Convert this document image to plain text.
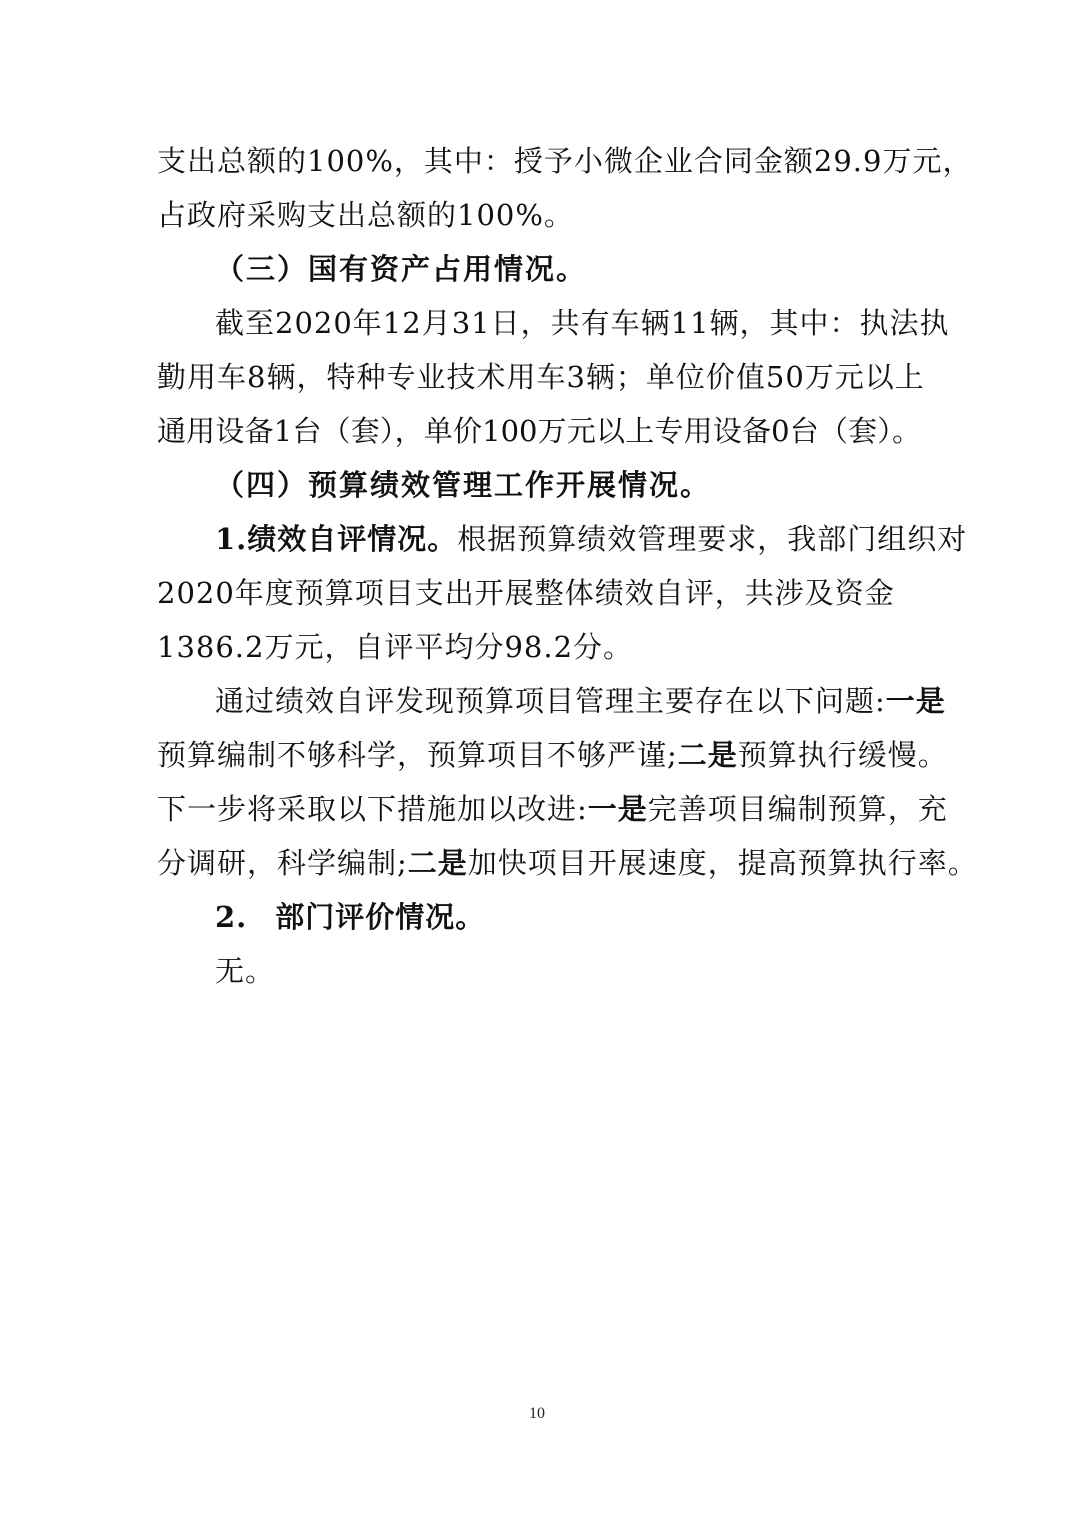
支出总额的100%，其中：授予小微企业合同金额29.9万元，
占政府采购支出总额的100%。
（三）国有资产占用情况。
截至2020年12月31日，共有车辆11辆，其中：执法执
勤用车8辆，特种专业技术用车3辆；单位价值50万元以上
通用设备1台（套），单价100万元以上专用设备0台（套）。
（四）预算绩效管理工作开展情况。
1.绩效自评情况。根据预算绩效管理要求，我部门组织对
2020年度预算项目支出开展整体绩效自评，共涉及资金
1386.2万元，自评平均分98.2分。
通过绩效自评发现预算项目管理主要存在以下问题:一是
预算编制不够科学，预算项目不够严谨;二是预算执行缓慢。
下一步将采取以下措施加以改进:一是完善项目编制预算，充
分调研，科学编制;二是加快项目开展速度，提高预算执行率。
2. 部门评价情况。
无。
10
